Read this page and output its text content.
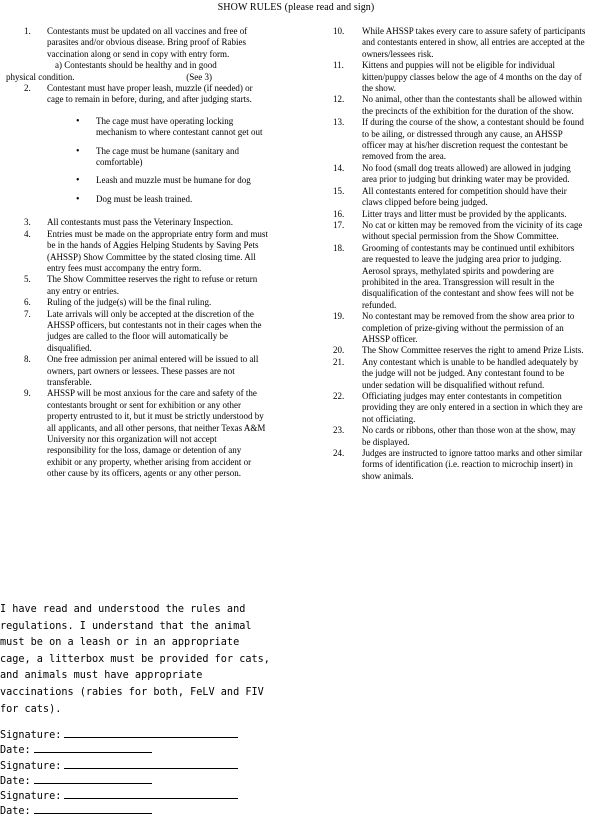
SHOW RULES (please read and sign)
1. Contestants must be updated on all vaccines and free of parasites and/or obvious disease. Bring proof of Rabies vaccination along or send in copy with entry form.
a) Contestants should be healthy and in good
physical condition.	(See 3)
2. Contestant must have proper leash, muzzle (if needed) or cage to remain in before, during, and after judging starts.
• The cage must have operating locking mechanism to where contestant cannot get out
• The cage must be humane (sanitary and comfortable)
• Leash and muzzle must be humane for dog
• Dog must be leash trained.
3. All contestants must pass the Veterinary Inspection.
4. Entries must be made on the appropriate entry form and must be in the hands of Aggies Helping Students by Saving Pets (AHSSP) Show Committee by the stated closing time. All entry fees must accompany the entry form.
5. The Show Committee reserves the right to refuse or return any entry or entries.
6. Ruling of the judge(s) will be the final ruling.
7. Late arrivals will only be accepted at the discretion of the AHSSP officers, but contestants not in their cages when the judges are called to the floor will automatically be disqualified.
8. One free admission per animal entered will be issued to all owners, part owners or lessees. These passes are not transferable.
9. AHSSP will be most anxious for the care and safety of the contestants brought or sent for exhibition or any other property entrusted to it, but it must be strictly understood by all applicants, and all other persons, that neither Texas A&M University nor this organization will not accept responsibility for the loss, damage or detention of any exhibit or any property, whether arising from accident or other cause by its officers, agents or any other person.
10. While AHSSP takes every care to assure safety of participants and contestants entered in show, all entries are accepted at the owners/lessees risk.
11. Kittens and puppies will not be eligible for individual kitten/puppy classes below the age of 4 months on the day of the show.
12. No animal, other than the contestants shall be allowed within the precincts of the exhibition for the duration of the show.
13. If during the course of the show, a contestant should be found to be ailing, or distressed through any cause, an AHSSP officer may at his/her discretion request the contestant be removed from the area.
14. No food (small dog treats allowed) are allowed in judging area prior to judging but drinking water may be provided.
15. All contestants entered for competition should have their claws clipped before being judged.
16. Litter trays and litter must be provided by the applicants.
17. No cat or kitten may be removed from the vicinity of its cage without special permission from the Show Committee.
18. Grooming of contestants may be continued until exhibitors are requested to leave the judging area prior to judging. Aerosol sprays, methylated spirits and powdering are prohibited in the area. Transgression will result in the disqualification of the contestant and show fees will not be refunded.
19. No contestant may be removed from the show area prior to completion of prize-giving without the permission of an AHSSP officer.
20. The Show Committee reserves the right to amend Prize Lists.
21. Any contestant which is unable to be handled adequately by the judge will not be judged. Any contestant found to be under sedation will be disqualified without refund.
22. Officiating judges may enter contestants in competition providing they are only entered in a section in which they are not officiating.
23. No cards or ribbons, other than those won at the show, may be displayed.
24. Judges are instructed to ignore tattoo marks and other similar forms of identification (i.e. reaction to microchip insert) in show animals.
I have read and understood the rules and regulations. I understand that the animal must be on a leash or in an appropriate cage, a litterbox must be provided for cats, and animals must have appropriate vaccinations (rabies for both, FeLV and FIV for cats).
Signature:
Date:
Signature:
Date:
Signature:
Date:
